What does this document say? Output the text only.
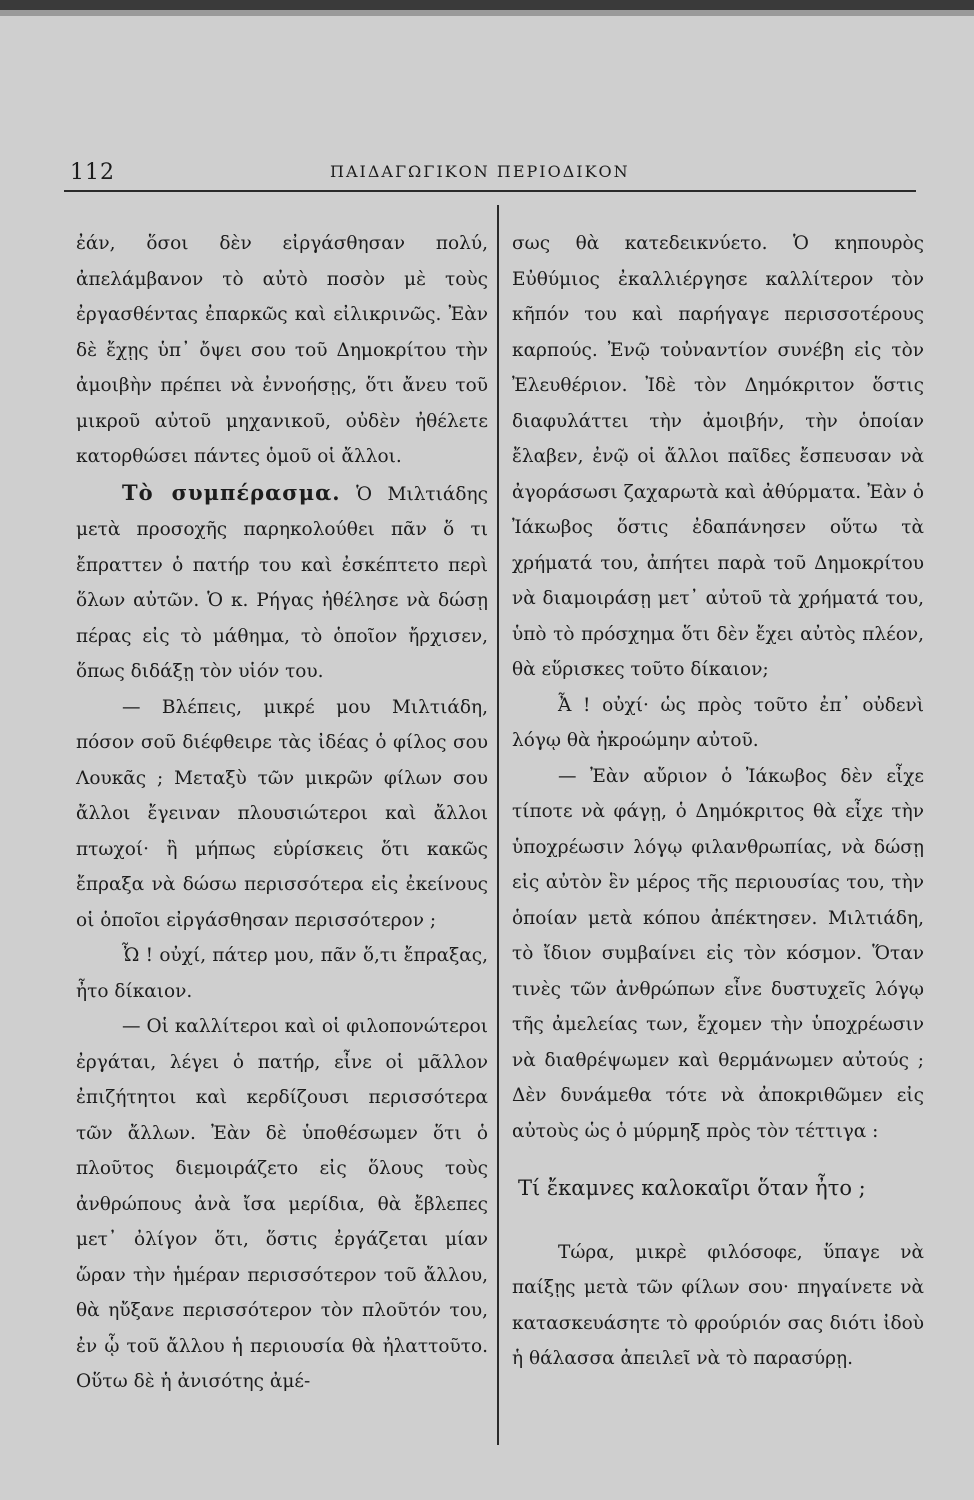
112	ΠΑΙΔΑΓΩΓΙΚΟΝ ΠΕΡΙΟΔΙΚΟΝ

ἐάν, ὅσοι δὲν εἰργάσθησαν πολύ, ἀπελάμβανον τὸ αὐτὸ ποσὸν μὲ τοὺς ἐργασθέντας ἐπαρκῶς καὶ εἰλικρινῶς. Ἐὰν δὲ ἔχῃς ὑπ᾽ ὄψει σου τοῦ Δημοκρίτου τὴν ἀμοιβὴν πρέπει νὰ ἐννοήσῃς, ὅτι ἄνευ τοῦ μικροῦ αὐτοῦ μηχανικοῦ, οὐδὲν ἠθέλετε κατορθώσει πάντες ὁμοῦ οἱ ἄλλοι.

Τὸ συμπέρασμα. Ὁ Μιλτιάδης μετὰ προσοχῆς παρηκολούθει πᾶν ὅ τι ἔπραττεν ὁ πατήρ του καὶ ἐσκέπτετο περὶ ὅλων αὐτῶν. Ὁ κ. Ρήγας ἠθέλησε νὰ δώσῃ πέρας εἰς τὸ μάθημα, τὸ ὁποῖον ἤρχισεν, ὅπως διδάξῃ τὸν υἱόν του.

— Βλέπεις, μικρέ μου Μιλτιάδη, πόσον σοῦ διέφθειρε τὰς ἰδέας ὁ φίλος σου Λουκᾶς ; Μεταξὺ τῶν μικρῶν φίλων σου ἄλλοι ἔγειναν πλουσιώτεροι καὶ ἄλλοι πτωχοί· ἢ μήπως εὑρίσκεις ὅτι κακῶς ἔπραξα νὰ δώσω περισσότερα εἰς ἐκείνους οἱ ὁποῖοι εἰργάσθησαν περισσότερον ;

Ὦ ! οὐχί, πάτερ μου, πᾶν ὅ,τι ἔπραξας, ἦτο δίκαιον.

— Οἱ καλλίτεροι καὶ οἱ φιλοπονώτεροι ἐργάται, λέγει ὁ πατήρ, εἶνε οἱ μᾶλλον ἐπιζήτητοι καὶ κερδίζουσι περισσότερα τῶν ἄλλων. Ἐὰν δὲ ὑποθέσωμεν ὅτι ὁ πλοῦτος διεμοιράζετο εἰς ὅλους τοὺς ἀνθρώπους ἀνὰ ἴσα μερίδια, θὰ ἔβλεπες μετ᾽ ὀλίγον ὅτι, ὅστις ἐργάζεται μίαν ὥραν τὴν ἡμέραν περισσότερον τοῦ ἄλλου, θὰ ηὔξανε περισσότερον τὸν πλοῦτόν του, ἐν ᾧ τοῦ ἄλλου ἡ περιουσία θὰ ἠλαττοῦτο. Οὕτω δὲ ἡ ἀνισότης ἀμέ-

σως θὰ κατεδεικνύετο. Ὁ κηπουρὸς Εὐθύμιος ἐκαλλιέργησε καλλίτερον τὸν κῆπόν του καὶ παρήγαγε περισσοτέρους καρπούς. Ἐνῷ τοὐναντίον συνέβη εἰς τὸν Ἐλευθέριον. Ἰδὲ τὸν Δημόκριτον ὅστις διαφυλάττει τὴν ἀμοιβήν, τὴν ὁποίαν ἔλαβεν, ἐνῷ οἱ ἄλλοι παῖδες ἔσπευσαν νὰ ἀγοράσωσι ζαχαρωτὰ καὶ ἀθύρματα. Ἐὰν ὁ Ἰάκωβος ὅστις ἐδαπάνησεν οὕτω τὰ χρήματά του, ἀπήτει παρὰ τοῦ Δημοκρίτου νὰ διαμοιράσῃ μετ᾽ αὐτοῦ τὰ χρήματά του, ὑπὸ τὸ πρόσχημα ὅτι δὲν ἔχει αὐτὸς πλέον, θὰ εὕρισκες τοῦτο δίκαιον;

Ἆ ! οὐχί· ὡς πρὸς τοῦτο ἐπ᾽ οὐδενὶ λόγῳ θὰ ἠκροώμην αὐτοῦ.

— Ἐὰν αὔριον ὁ Ἰάκωβος δὲν εἶχε τίποτε νὰ φάγῃ, ὁ Δημόκριτος θὰ εἶχε τὴν ὑποχρέωσιν λόγῳ φιλανθρωπίας, νὰ δώσῃ εἰς αὐτὸν ἓν μέρος τῆς περιουσίας του, τὴν ὁποίαν μετὰ κόπου ἀπέκτησεν. Μιλτιάδη, τὸ ἴδιον συμβαίνει εἰς τὸν κόσμον. Ὅταν τινὲς τῶν ἀνθρώπων εἶνε δυστυχεῖς λόγῳ τῆς ἀμελείας των, ἔχομεν τὴν ὑποχρέωσιν νὰ διαθρέψωμεν καὶ θερμάνωμεν αὐτούς ; Δὲν δυνάμεθα τότε νὰ ἀποκριθῶμεν εἰς αὐτοὺς ὡς ὁ μύρμηξ πρὸς τὸν τέττιγα :

Τί ἔκαμνες καλοκαῖρι ὅταν ἦτο ;

Τώρα, μικρὲ φιλόσοφε, ὕπαγε νὰ παίξῃς μετὰ τῶν φίλων σου· πηγαίνετε νὰ κατασκευάσητε τὸ φρούριόν σας διότι ἰδοὺ ἡ θάλασσα ἀπειλεῖ νὰ τὸ παρασύρῃ.
